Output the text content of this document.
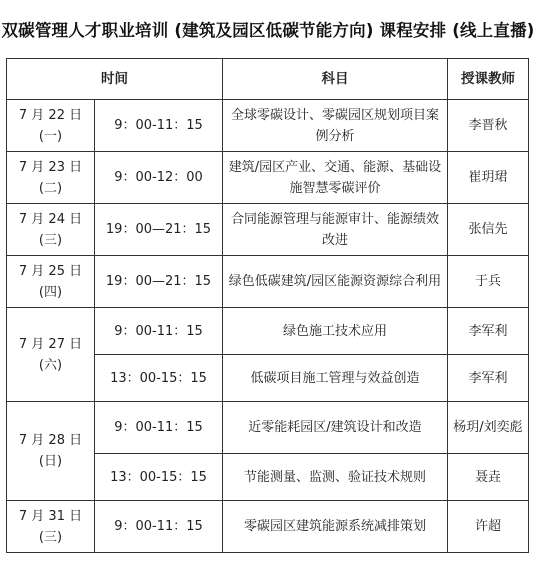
双碳管理人才职业培训 (建筑及园区低碳节能方向) 课程安排 (线上直播)
时间		科目	授课教师

7 月 22 日
(一)	9：00-11：15	全球零碳设计、零碳园区规划项目案例分析	李晋秋

7 月 23 日
(二)	9：00-12：00	建筑/园区产业、交通、能源、基础设施智慧零碳评价	崔玥珺

7 月 24 日
(三)	19：00—21：15	合同能源管理与能源审计、能源绩效改进	张信先

7 月 25 日
(四)	19：00—21：15	绿色低碳建筑/园区能源资源综合利用	于兵

7 月 27 日
(六)	9：00-11：15	绿色施工技术应用	李军利
	13：00-15：15	低碳项目施工管理与效益创造	李军利

7 月 28 日
(日)	9：00-11：15	近零能耗园区/建筑设计和改造	杨玥/刘奕彪
	13：00-15：15	节能测量、监测、验证技术规则	聂垚

7 月 31 日
(三)	9：00-11：15	零碳园区建筑能源系统减排策划	许超
